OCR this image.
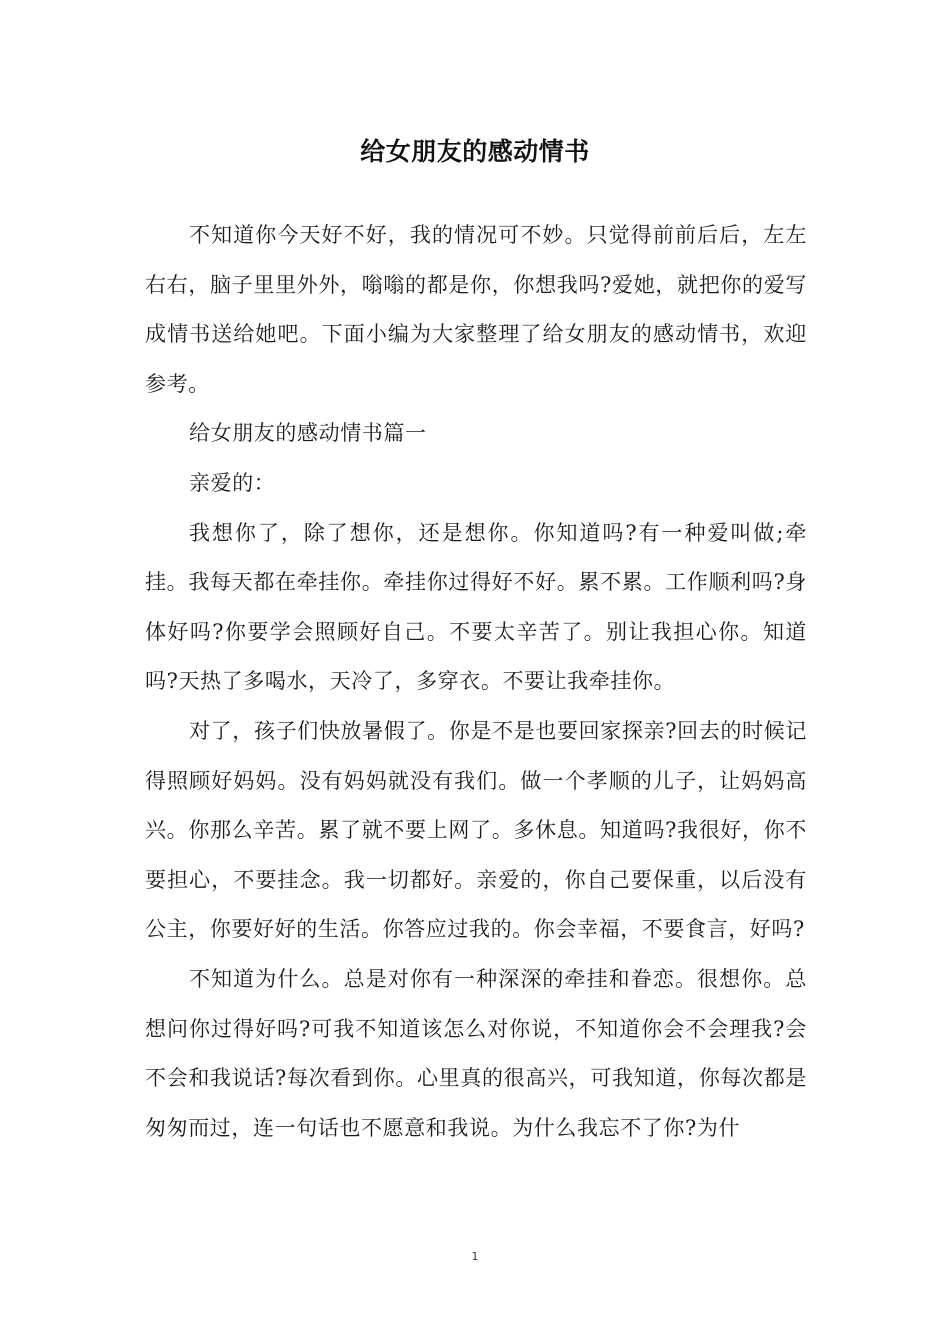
给女朋友的感动情书

不知道你今天好不好，我的情况可不妙。只觉得前前后后，左左右右，脑子里里外外，嗡嗡的都是你，你想我吗?爱她，就把你的爱写成情书送给她吧。下面小编为大家整理了给女朋友的感动情书，欢迎参考。

给女朋友的感动情书篇一

亲爱的：

我想你了，除了想你，还是想你。你知道吗?有一种爱叫做;牵挂。我每天都在牵挂你。牵挂你过得好不好。累不累。工作顺利吗?身体好吗?你要学会照顾好自己。不要太辛苦了。别让我担心你。知道吗?天热了多喝水，天冷了，多穿衣。不要让我牵挂你。

对了，孩子们快放暑假了。你是不是也要回家探亲?回去的时候记得照顾好妈妈。没有妈妈就没有我们。做一个孝顺的儿子，让妈妈高兴。你那么辛苦。累了就不要上网了。多休息。知道吗?我很好，你不要担心，不要挂念。我一切都好。亲爱的，你自己要保重，以后没有公主，你要好好的生活。你答应过我的。你会幸福，不要食言，好吗?

不知道为什么。总是对你有一种深深的牵挂和眷恋。很想你。总想问你过得好吗?可我不知道该怎么对你说，不知道你会不会理我?会不会和我说话?每次看到你。心里真的很高兴，可我知道，你每次都是匆匆而过，连一句话也不愿意和我说。为什么我忘不了你?为什

1
